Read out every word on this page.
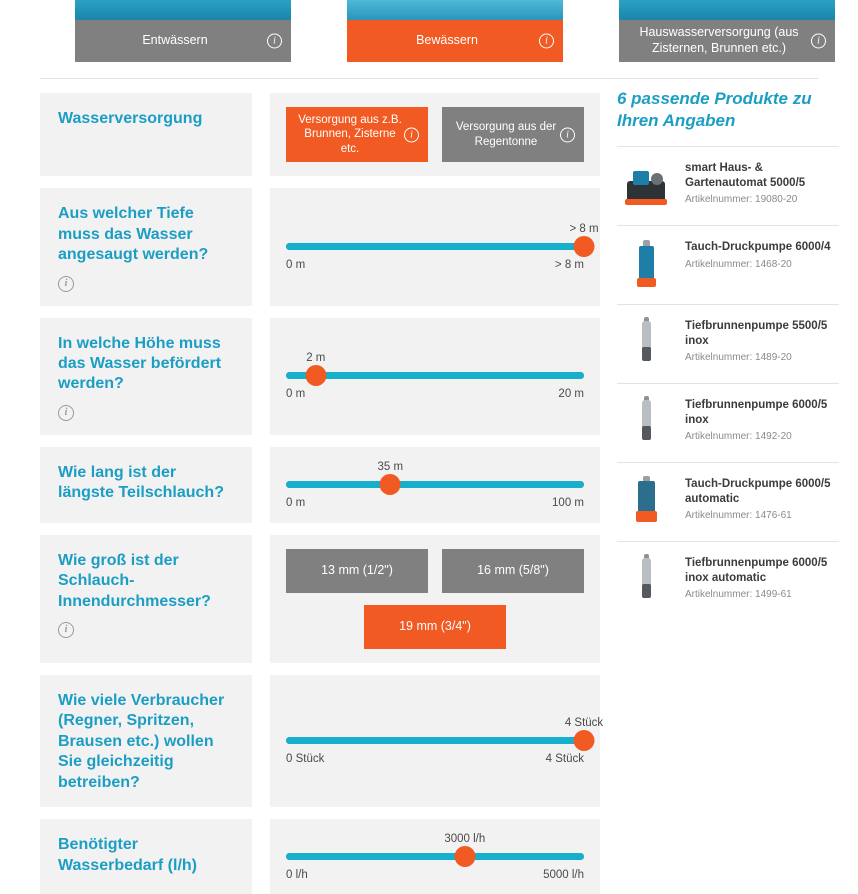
Entwässern	i	Bewässern	i
Hauswasserversorgung (aus Zisternen, Brunnen etc.)	i
Wasserversorgung	Versorgung aus z.B. Brunnen, Zisterne etc.
i
Versorgung aus der Regentonne
i
Aus welcher Tiefe muss das Wasser angesaugt werden?
i
> 8 m
0 m	> 8 m
In welche Höhe muss das Wasser befördert werden?
i
2 m
0 m	20 m
Wie lang ist der längste Teilschlauch?
35 m
0 m	100 m
Wie groß ist der Schlauch-Innendurchmesser?
i
13 mm (1/2")	16 mm (5/8")
19 mm (3/4")
Wie viele Verbraucher (Regner, Spritzen, Brausen etc.) wollen Sie gleichzeitig betreiben?
4 Stück
0 Stück	4 Stück
Benötigter Wasserbedarf (l/h)
3000 l/h
0 l/h	5000 l/h
6 passende Produkte zu Ihren Angaben
smart Haus- & Gartenautomat 5000/5
Artikelnummer: 19080-20
Tauch-Druckpumpe 6000/4
Artikelnummer: 1468-20
Tiefbrunnenpumpe 5500/5 inox
Artikelnummer: 1489-20
Tiefbrunnenpumpe 6000/5 inox
Artikelnummer: 1492-20
Tauch-Druckpumpe 6000/5 automatic
Artikelnummer: 1476-61
Tiefbrunnenpumpe 6000/5 inox automatic
Artikelnummer: 1499-61
